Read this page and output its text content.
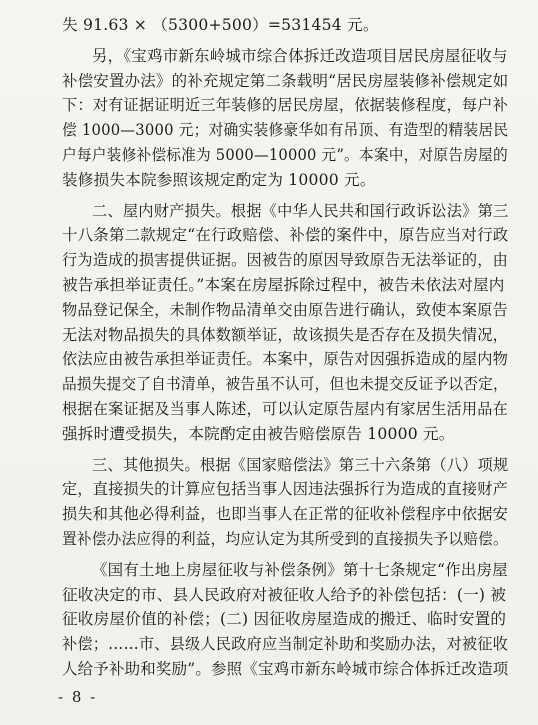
失 91.63 × （5300+500）=531454 元。
另，《宝鸡市新东岭城市综合体拆迁改造项目居民房屋征收与
补偿安置办法》的补充规定第二条载明“居民房屋装修补偿规定如
下：对有证据证明近三年装修的居民房屋，依据装修程度，每户补
偿 1000—3000 元；对确实装修豪华如有吊顶、有造型的精装居民
户每户装修补偿标准为 5000—10000 元”。本案中，对原告房屋的
装修损失本院参照该规定酌定为 10000 元。
二、屋内财产损失。根据《中华人民共和国行政诉讼法》第三
十八条第二款规定“在行政赔偿、补偿的案件中，原告应当对行政
行为造成的损害提供证据。因被告的原因导致原告无法举证的，由
被告承担举证责任。”本案在房屋拆除过程中，被告未依法对屋内
物品登记保全，未制作物品清单交由原告进行确认，致使本案原告
无法对物品损失的具体数额举证，故该损失是否存在及损失情况，
依法应由被告承担举证责任。本案中，原告对因强拆造成的屋内物
品损失提交了自书清单，被告虽不认可，但也未提交反证予以否定，
根据在案证据及当事人陈述，可以认定原告屋内有家居生活用品在
强拆时遭受损失，本院酌定由被告赔偿原告 10000 元。
三、其他损失。根据《国家赔偿法》第三十六条第（八）项规
定，直接损失的计算应包括当事人因违法强拆行为造成的直接财产
损失和其他必得利益，也即当事人在正常的征收补偿程序中依据安
置补偿办法应得的利益，均应认定为其所受到的直接损失予以赔偿。
《国有土地上房屋征收与补偿条例》第十七条规定“作出房屋
征收决定的市、县人民政府对被征收人给予的补偿包括：(一) 被
征收房屋价值的补偿；(二) 因征收房屋造成的搬迁、临时安置的
补偿；……市、县级人民政府应当制定补助和奖励办法，对被征收
人给予补助和奖励”。参照《宝鸡市新东岭城市综合体拆迁改造项
- 8 -
